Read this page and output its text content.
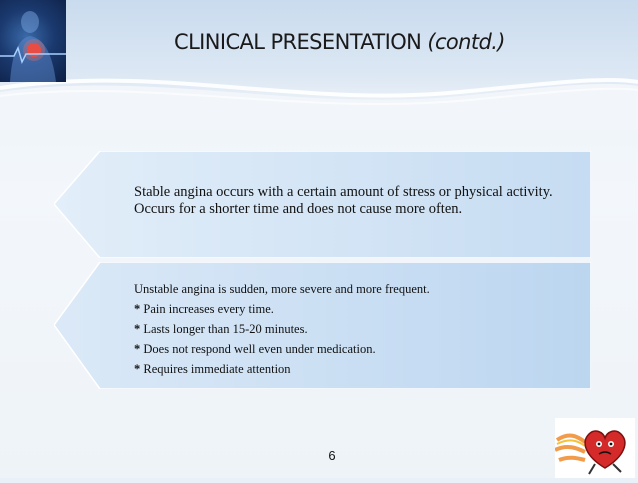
CLINICAL PRESENTATION (contd.)
Stable angina occurs with a certain amount of stress or physical activity. Occurs for a shorter time and does not cause more often.
Unstable angina is sudden, more severe and more frequent.
* Pain increases every time.
* Lasts longer than 15-20 minutes.
* Does not respond well even under medication.
* Requires immediate attention
6
